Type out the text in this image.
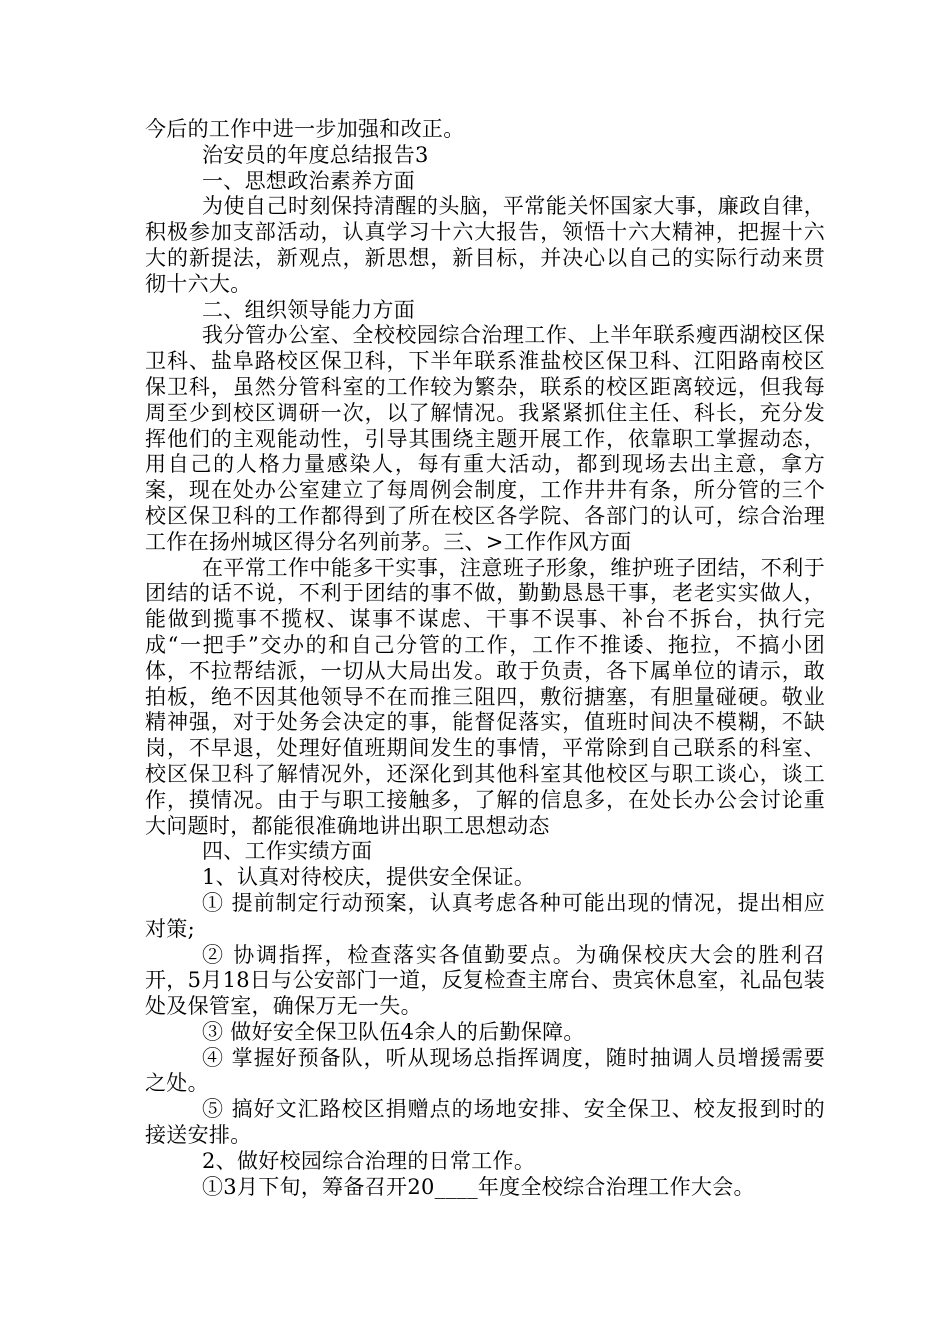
今后的工作中进一步加强和改正。

治安员的年度总结报告3

一、思想政治素养方面

为使自己时刻保持清醒的头脑，平常能关怀国家大事，廉政自律，积极参加支部活动，认真学习十六大报告，领悟十六大精神，把握十六大的新提法，新观点，新思想，新目标，并决心以自己的实际行动来贯彻十六大。

二、组织领导能力方面

我分管办公室、全校校园综合治理工作、上半年联系瘦西湖校区保卫科、盐阜路校区保卫科，下半年联系淮盐校区保卫科、江阳路南校区保卫科，虽然分管科室的工作较为繁杂，联系的校区距离较远，但我每周至少到校区调研一次，以了解情况。我紧紧抓住主任、科长，充分发挥他们的主观能动性，引导其围绕主题开展工作，依靠职工掌握动态，用自己的人格力量感染人，每有重大活动，都到现场去出主意，拿方案，现在处办公室建立了每周例会制度，工作井井有条，所分管的三个校区保卫科的工作都得到了所在校区各学院、各部门的认可，综合治理工作在扬州城区得分名列前茅。三、>工作作风方面

在平常工作中能多干实事，注意班子形象，维护班子团结，不利于团结的话不说，不利于团结的事不做，勤勤恳恳干事，老老实实做人，能做到揽事不揽权、谋事不谋虑、干事不误事、补台不拆台，执行完成“一把手”交办的和自己分管的工作，工作不推诿、拖拉，不搞小团体，不拉帮结派，一切从大局出发。敢于负责，各下属单位的请示，敢拍板，绝不因其他领导不在而推三阻四，敷衍搪塞，有胆量碰硬。敬业精神强，对于处务会决定的事，能督促落实，值班时间决不模糊，不缺岗，不早退，处理好值班期间发生的事情，平常除到自己联系的科室、校区保卫科了解情况外，还深化到其他科室其他校区与职工谈心，谈工作，摸情况。由于与职工接触多，了解的信息多，在处长办公会讨论重大问题时，都能很准确地讲出职工思想动态

四、工作实绩方面

1、认真对待校庆，提供安全保证。

① 提前制定行动预案，认真考虑各种可能出现的情况，提出相应对策;

② 协调指挥，检查落实各值勤要点。为确保校庆大会的胜利召开，5月18日与公安部门一道，反复检查主席台、贵宾休息室，礼品包装处及保管室，确保万无一失。

③ 做好安全保卫队伍4余人的后勤保障。

④ 掌握好预备队，听从现场总指挥调度，随时抽调人员增援需要之处。

⑤ 搞好文汇路校区捐赠点的场地安排、安全保卫、校友报到时的接送安排。

2、做好校园综合治理的日常工作。

①3月下旬，筹备召开20____年度全校综合治理工作大会。
